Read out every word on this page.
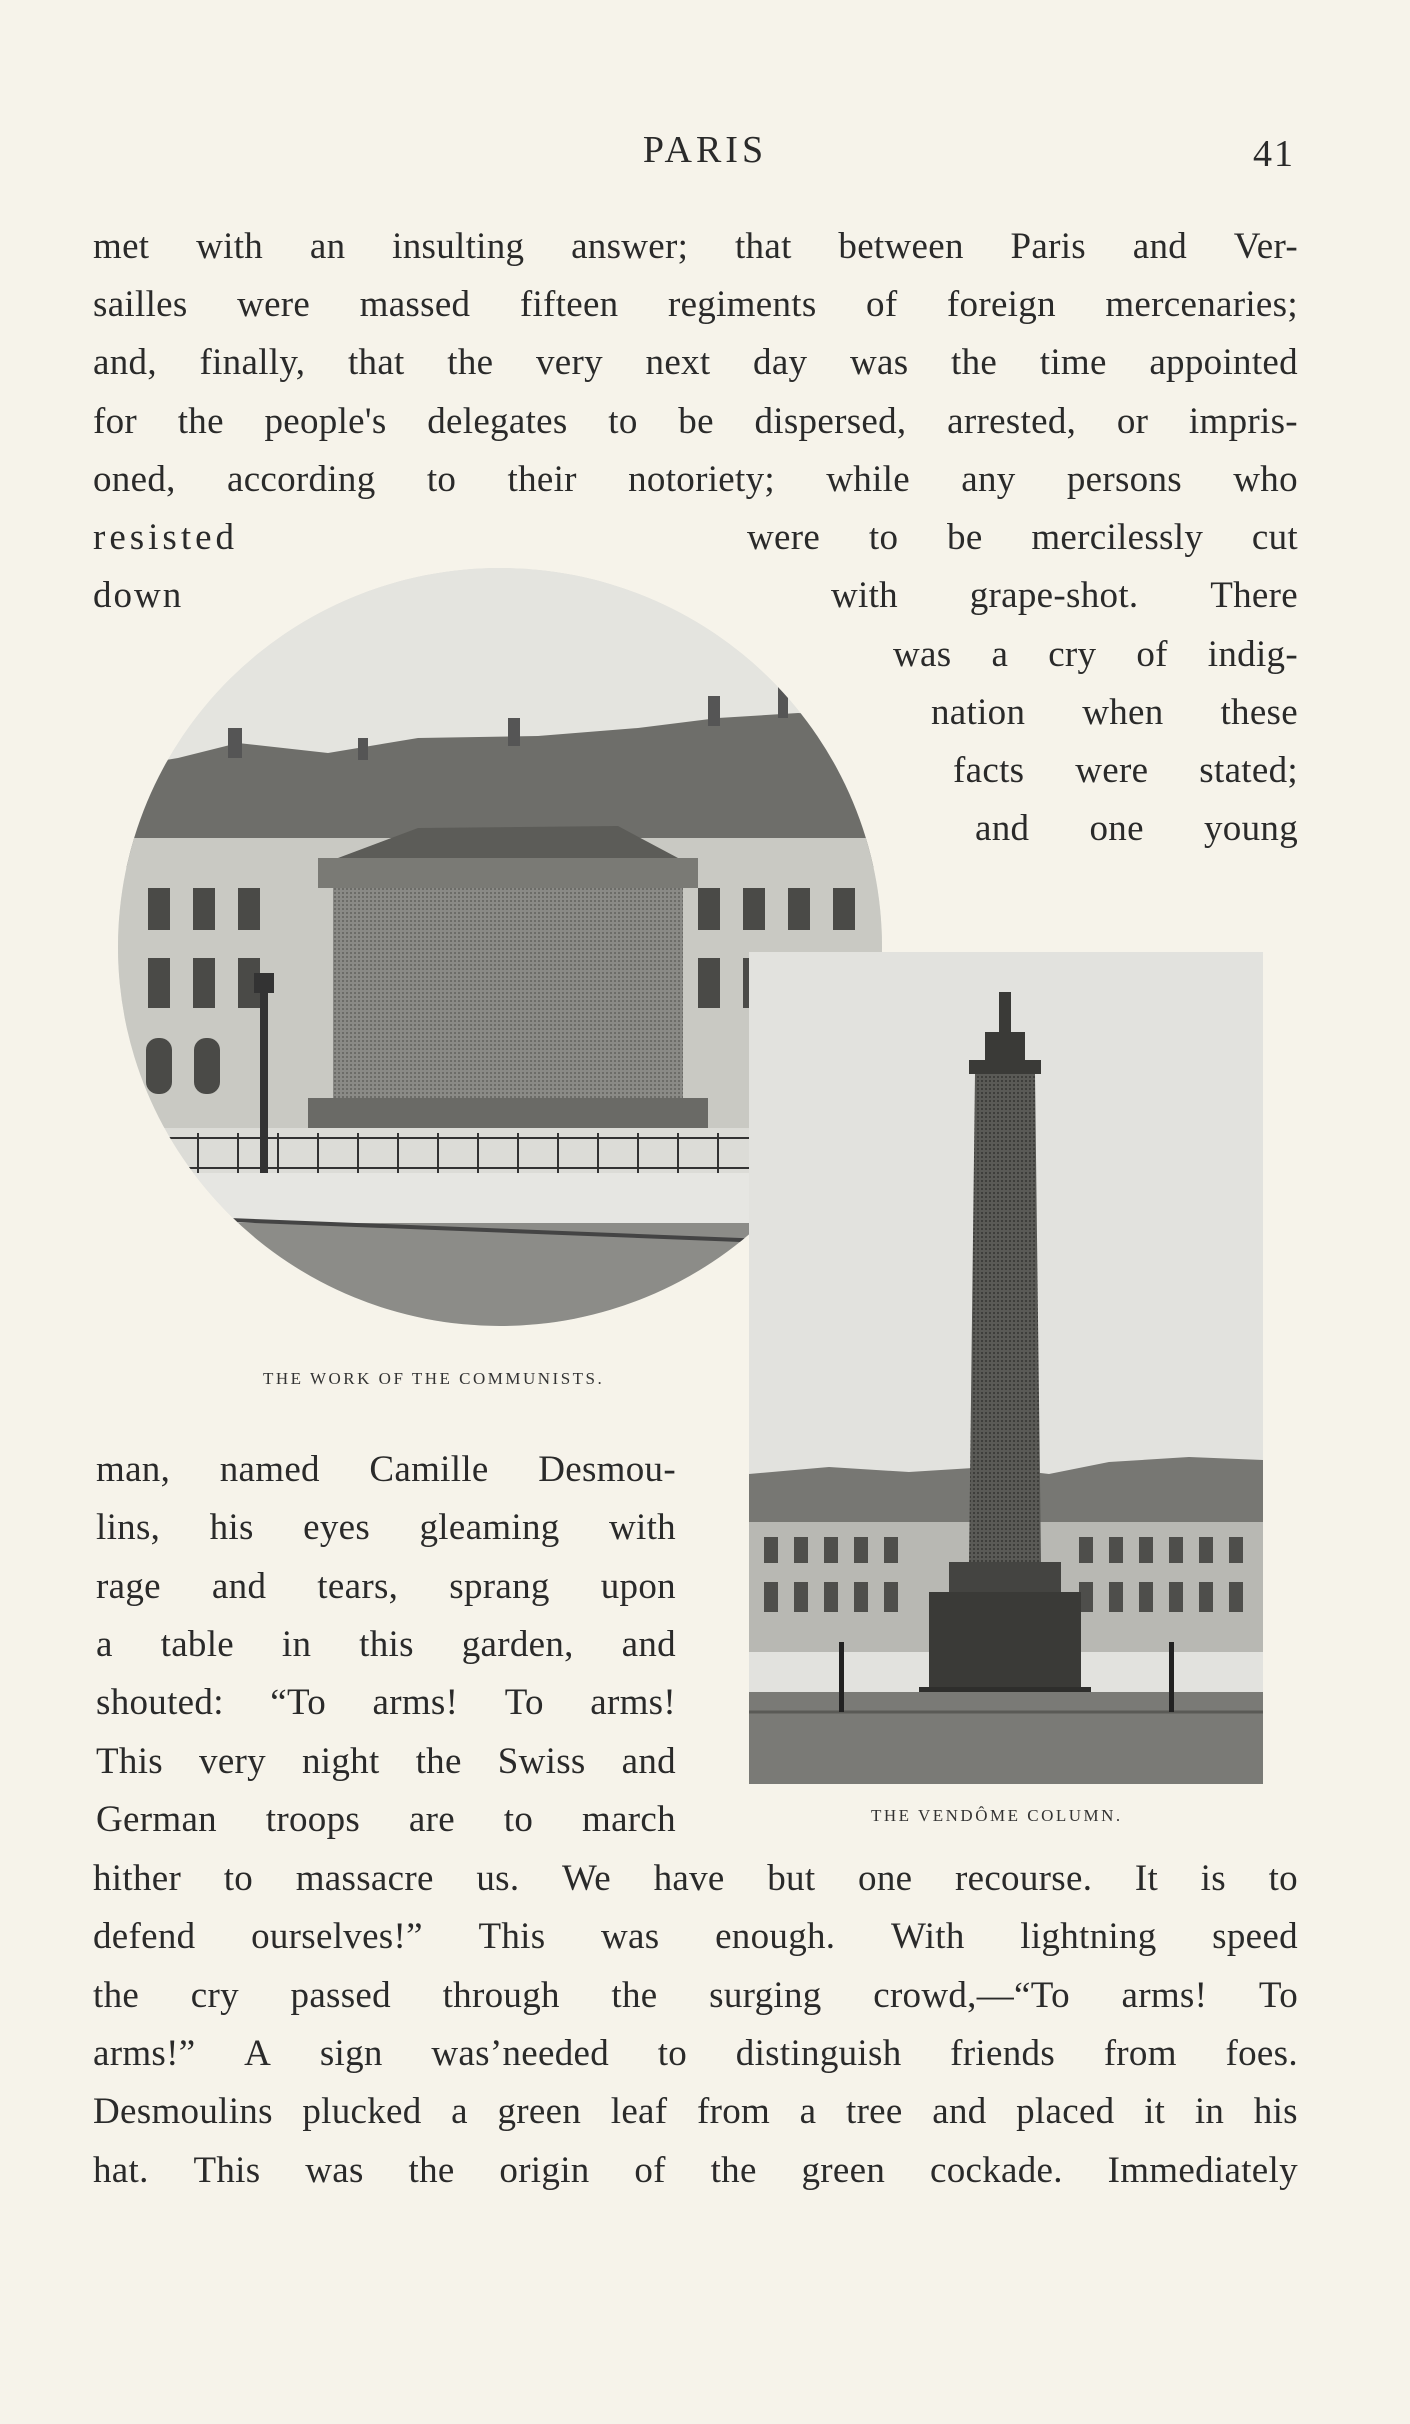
PARIS	41
met with an insulting answer; that between Paris and Ver-
sailles were massed fifteen regiments of foreign mercenaries;
and, finally, that the very next day was the time appointed
for the people's delegates to be dispersed, arrested, or impris-
oned, according to their notoriety; while any persons who
resisted	were to be mercilessly cut
down	with grape-shot. There
was a cry of indig-
nation when these
facts were stated;
and one young
THE WORK OF THE COMMUNISTS.
THE VENDÔME COLUMN.
man, named Camille Desmou-
lins, his eyes gleaming with
rage and tears, sprang upon
a table in this garden, and
shouted: “To arms! To arms!
This very night the Swiss and
German troops are to march
hither to massacre us. We have but one recourse. It is to
defend ourselves!” This was enough. With lightning speed
the cry passed through the surging crowd,—“To arms! To
arms!” A sign was’needed to distinguish friends from foes.
Desmoulins plucked a green leaf from a tree and placed it in his
hat. This was the origin of the green cockade. Immediately
